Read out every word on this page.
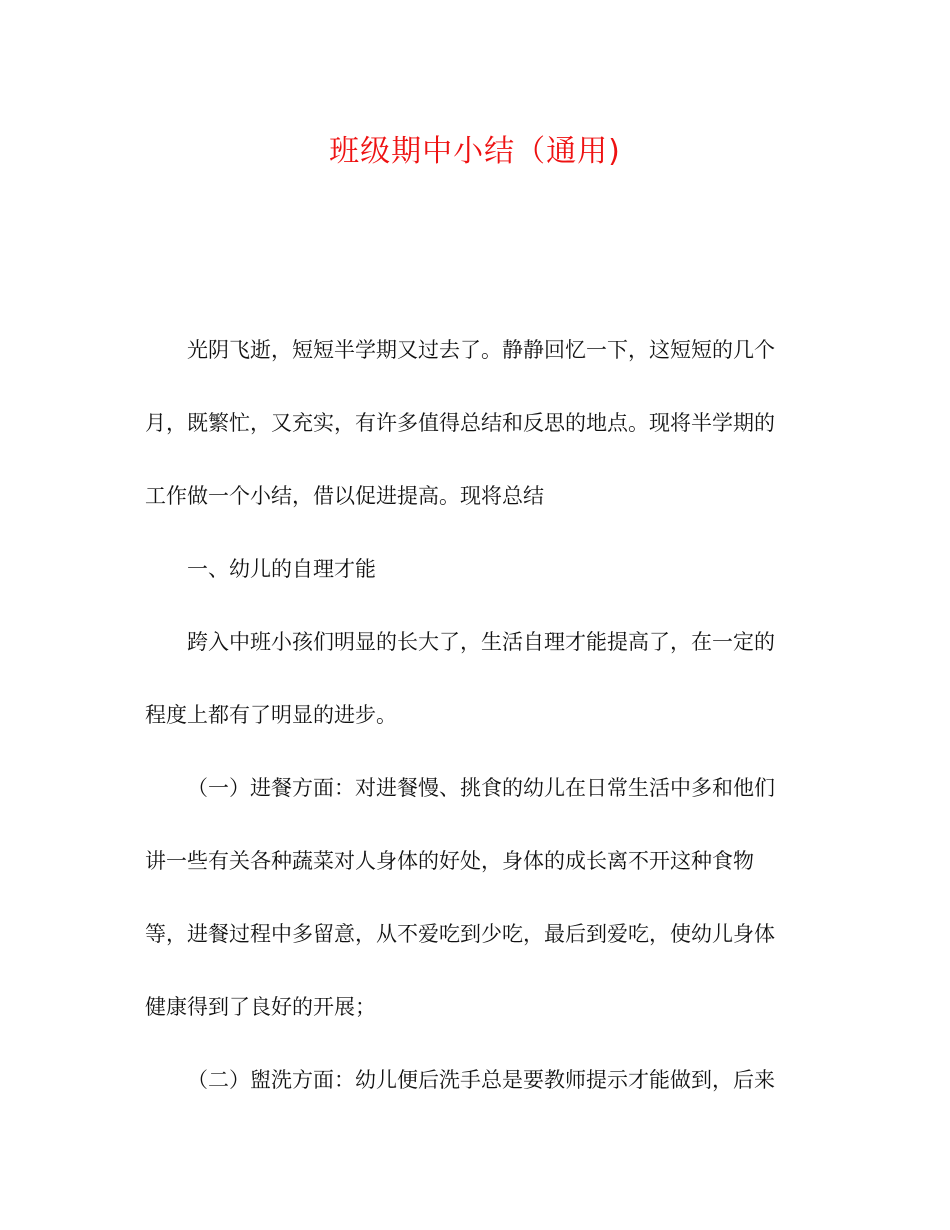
班级期中小结（通用)
光阴飞逝，短短半学期又过去了。静静回忆一下，这短短的几个
月，既繁忙，又充实，有许多值得总结和反思的地点。现将半学期的
工作做一个小结，借以促进提高。现将总结
一、幼儿的自理才能
跨入中班小孩们明显的长大了，生活自理才能提高了，在一定的
程度上都有了明显的进步。
（一）进餐方面：对进餐慢、挑食的幼儿在日常生活中多和他们
讲一些有关各种蔬菜对人身体的好处，身体的成长离不开这种食物
等，进餐过程中多留意，从不爱吃到少吃，最后到爱吃，使幼儿身体
健康得到了良好的开展；
（二）盥洗方面：幼儿便后洗手总是要教师提示才能做到，后来
